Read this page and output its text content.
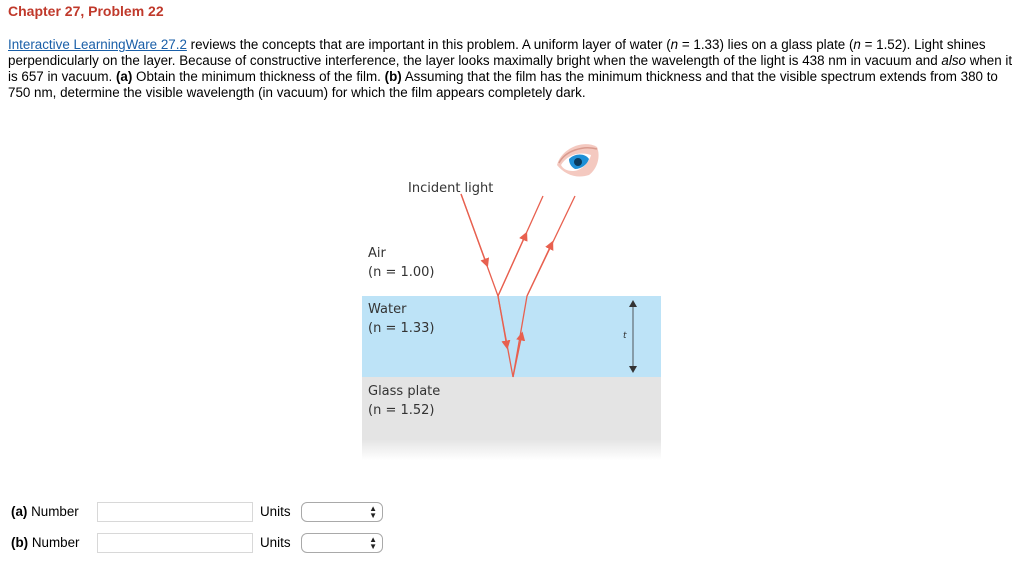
Chapter 27, Problem 22
Interactive LearningWare 27.2 reviews the concepts that are important in this problem. A uniform layer of water (n = 1.33) lies on a glass plate (n = 1.52). Light shines perpendicularly on the layer. Because of constructive interference, the layer looks maximally bright when the wavelength of the light is 438 nm in vacuum and also when it is 657 in vacuum. (a) Obtain the minimum thickness of the film. (b) Assuming that the film has the minimum thickness and that the visible spectrum extends from 380 to 750 nm, determine the visible wavelength (in vacuum) for which the film appears completely dark.
Incident light
Air
(n = 1.00)
Water
(n = 1.33)
Glass plate
(n = 1.52)
t
(a) Number	Units	▲
▼
(b) Number	Units	▲
▼
